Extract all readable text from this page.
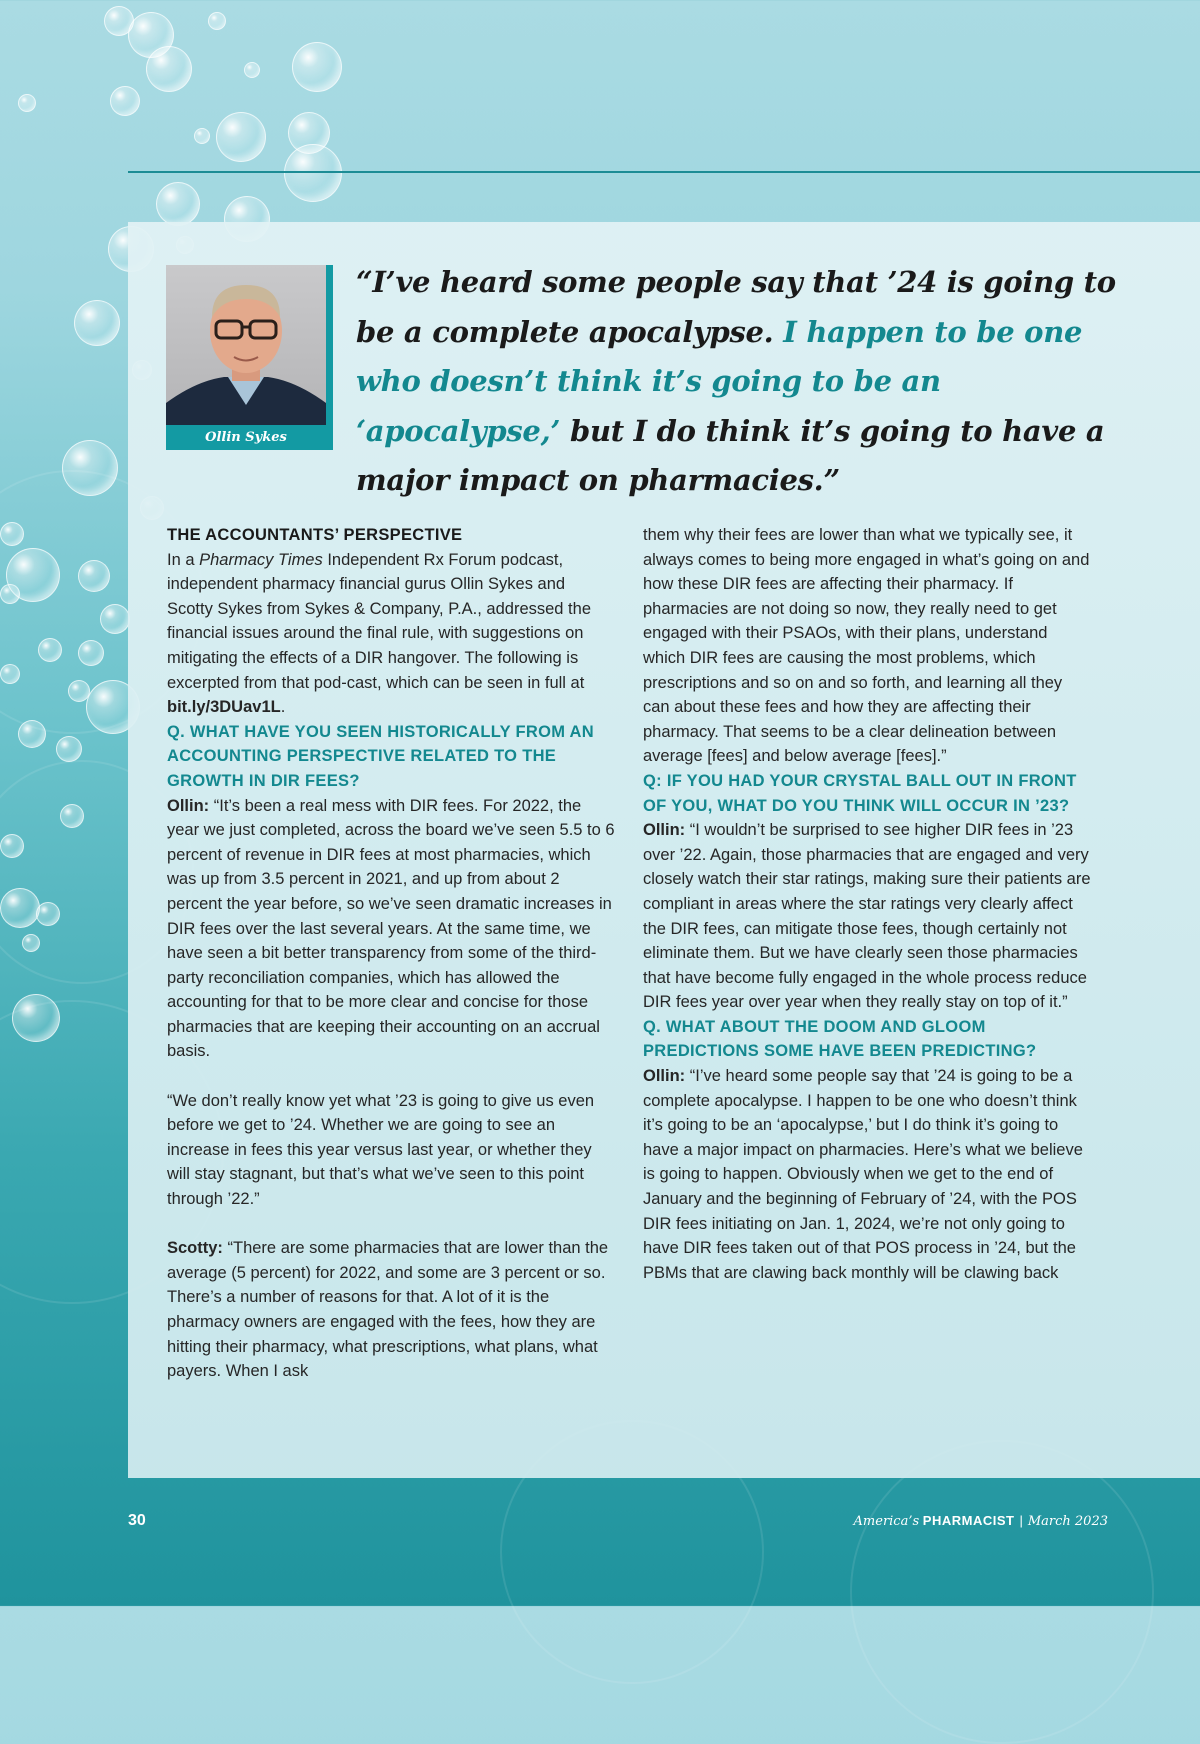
Ollin Sykes

“I’ve heard some people say that ’24 is going to be a complete apocalypse. I happen to be one who doesn’t think it’s going to be an ‘apocalypse,’ but I do think it’s going to have a major impact on pharmacies.”

THE ACCOUNTANTS’ PERSPECTIVE

In a Pharmacy Times Independent Rx Forum podcast, independent pharmacy financial gurus Ollin Sykes and Scotty Sykes from Sykes & Company, P.A., addressed the financial issues around the final rule, with suggestions on mitigating the effects of a DIR hangover. The following is excerpted from that pod-cast, which can be seen in full at bit.ly/3DUav1L.

Q. WHAT HAVE YOU SEEN HISTORICALLY FROM AN ACCOUNTING PERSPECTIVE RELATED TO THE GROWTH IN DIR FEES?

Ollin: “It’s been a real mess with DIR fees. For 2022, the year we just completed, across the board we’ve seen 5.5 to 6 percent of revenue in DIR fees at most pharmacies, which was up from 3.5 percent in 2021, and up from about 2 percent the year before, so we’ve seen dramatic increases in DIR fees over the last several years. At the same time, we have seen a bit better transparency from some of the third-party reconciliation companies, which has allowed the accounting for that to be more clear and concise for those pharmacies that are keeping their accounting on an accrual basis.

“We don’t really know yet what ’23 is going to give us even before we get to ’24. Whether we are going to see an increase in fees this year versus last year, or whether they will stay stagnant, but that’s what we’ve seen to this point through ’22.”

Scotty: “There are some pharmacies that are lower than the average (5 percent) for 2022, and some are 3 percent or so. There’s a number of reasons for that. A lot of it is the pharmacy owners are engaged with the fees, how they are hitting their pharmacy, what prescriptions, what plans, what payers. When I ask

them why their fees are lower than what we typically see, it always comes to being more engaged in what’s going on and how these DIR fees are affecting their pharmacy. If pharmacies are not doing so now, they really need to get engaged with their PSAOs, with their plans, understand which DIR fees are causing the most problems, which prescriptions and so on and so forth, and learning all they can about these fees and how they are affecting their pharmacy. That seems to be a clear delineation between average [fees] and below average [fees].”

Q: IF YOU HAD YOUR CRYSTAL BALL OUT IN FRONT OF YOU, WHAT DO YOU THINK WILL OCCUR IN ’23?

Ollin: “I wouldn’t be surprised to see higher DIR fees in ’23 over ’22. Again, those pharmacies that are engaged and very closely watch their star ratings, making sure their patients are compliant in areas where the star ratings very clearly affect the DIR fees, can mitigate those fees, though certainly not eliminate them. But we have clearly seen those pharmacies that have become fully engaged in the whole process reduce DIR fees year over year when they really stay on top of it.”

Q. WHAT ABOUT THE DOOM AND GLOOM PREDICTIONS SOME HAVE BEEN PREDICTING?

Ollin: “I’ve heard some people say that ’24 is going to be a complete apocalypse. I happen to be one who doesn’t think it’s going to be an ‘apocalypse,’ but I do think it’s going to have a major impact on pharmacies. Here’s what we believe is going to happen. Obviously when we get to the end of January and the beginning of February of ’24, with the POS DIR fees initiating on Jan. 1, 2024, we’re not only going to have DIR fees taken out of that POS process in ’24, but the PBMs that are clawing back monthly will be clawing back

30	America’s PHARMACIST | March 2023
